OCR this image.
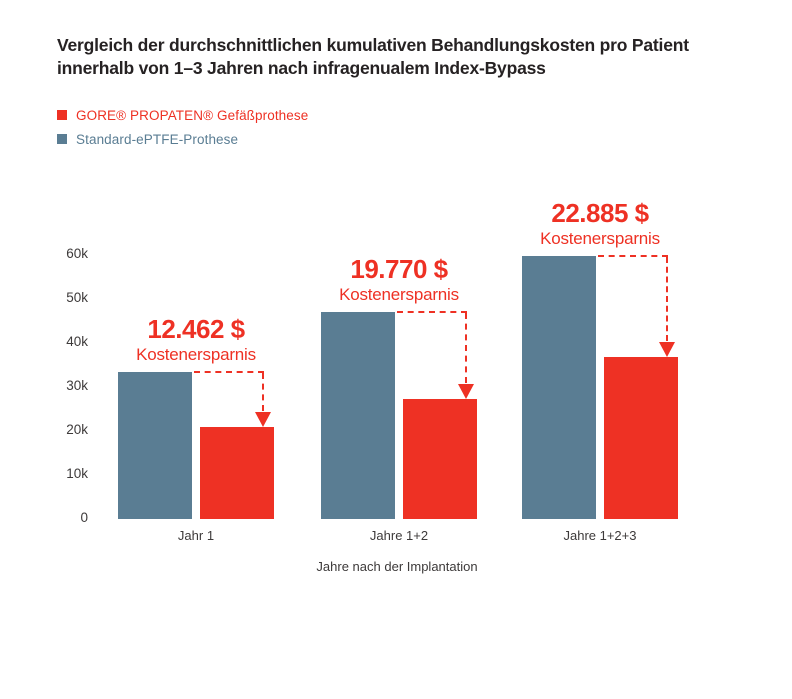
Vergleich der durchschnittlichen kumulativen Behandlungskosten pro Patient innerhalb von 1–3 Jahren nach infragenualem Index-Bypass
GORE® PROPATEN® Gefäßprothese
Standard-ePTFE-Prothese
60k
50k
40k
30k
20k
10k
0
Jahr 1
12.462 $
Kostenersparnis
Jahre 1+2
19.770 $
Kostenersparnis
Jahre 1+2+3
22.885 $
Kostenersparnis
Jahre nach der Implantation
